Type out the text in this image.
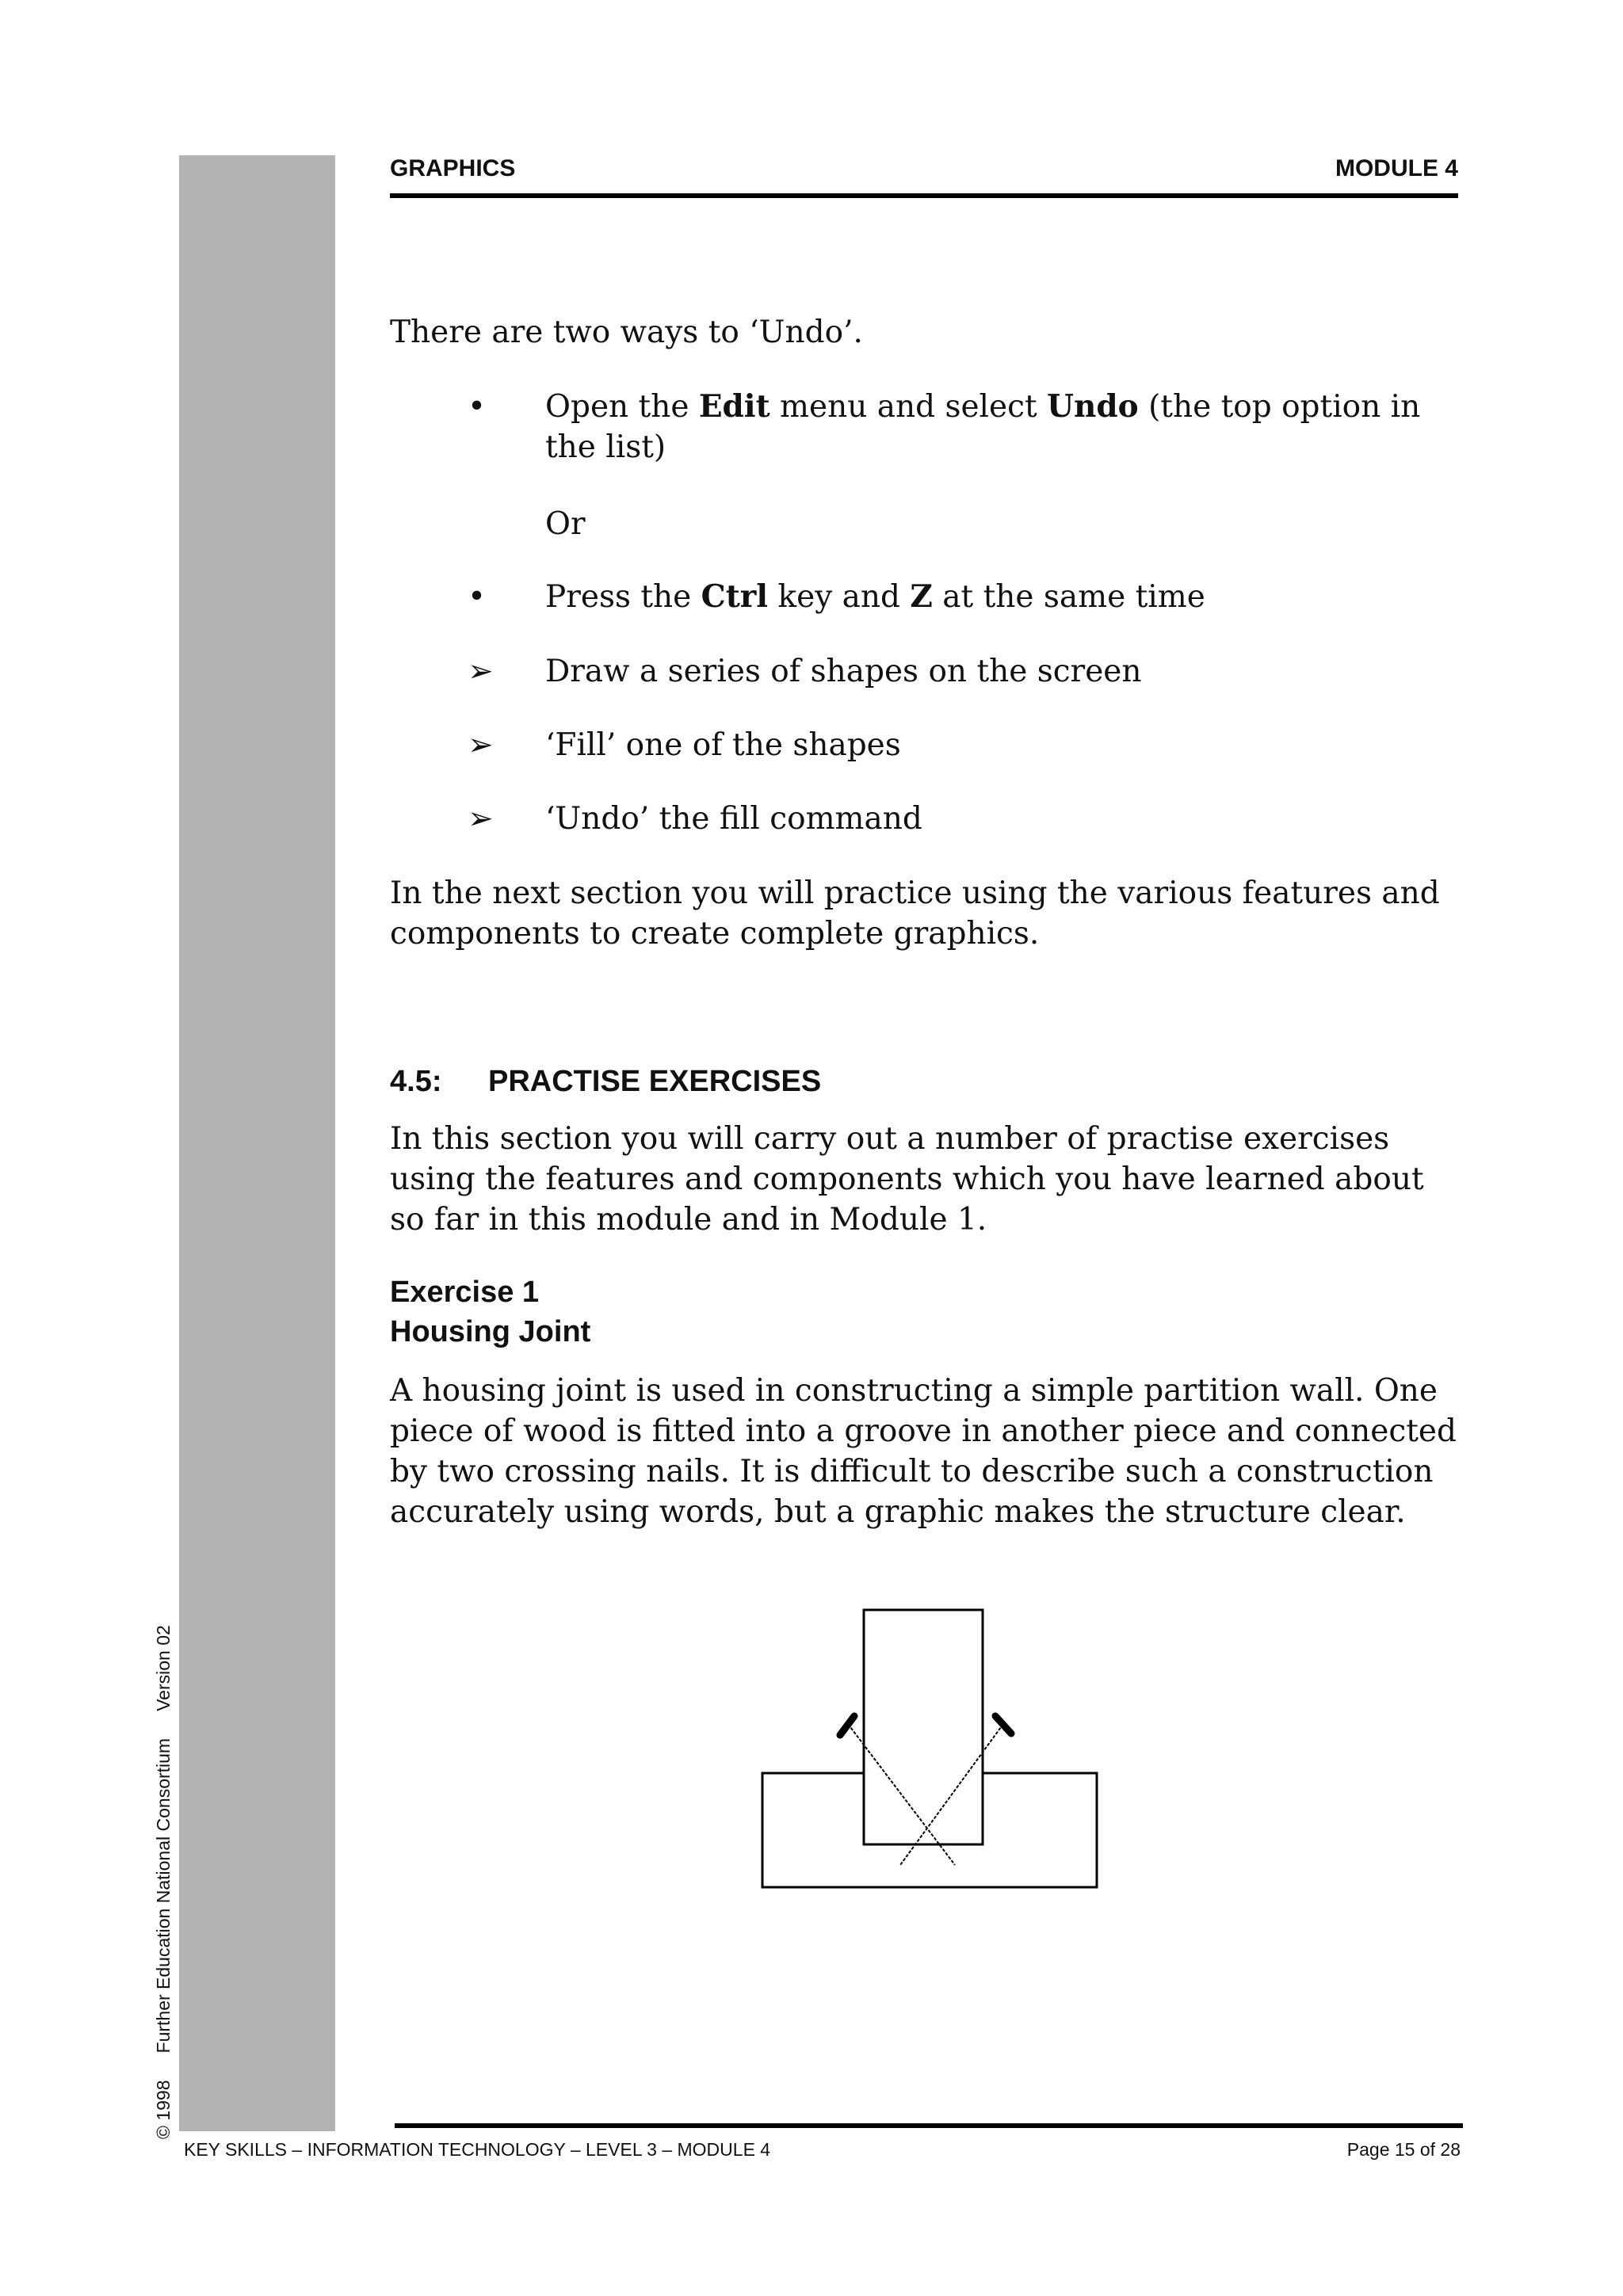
© 1998Further Education National ConsortiumVersion 02
GRAPHICS	MODULE 4
There are two ways to ‘Undo’.
•	Open the Edit menu and select Undo (the top option in the list)
Or
•	Press the Ctrl key and Z at the same time
➢ Draw a series of shapes on the screen
➢ ‘Fill’ one of the shapes
➢ ‘Undo’ the fill command
In the next section you will practice using the various features and components to create complete graphics.
4.5: PRACTISE EXERCISES
In this section you will carry out a number of practise exercises using the features and components which you have learned about so far in this module and in Module 1.
Exercise 1
Housing Joint
A housing joint is used in constructing a simple partition wall. One piece of wood is fitted into a groove in another piece and connected by two crossing nails. It is difficult to describe such a construction accurately using words, but a graphic makes the structure clear.
KEY SKILLS – INFORMATION TECHNOLOGY – LEVEL 3 – MODULE 4	Page 15 of 28
